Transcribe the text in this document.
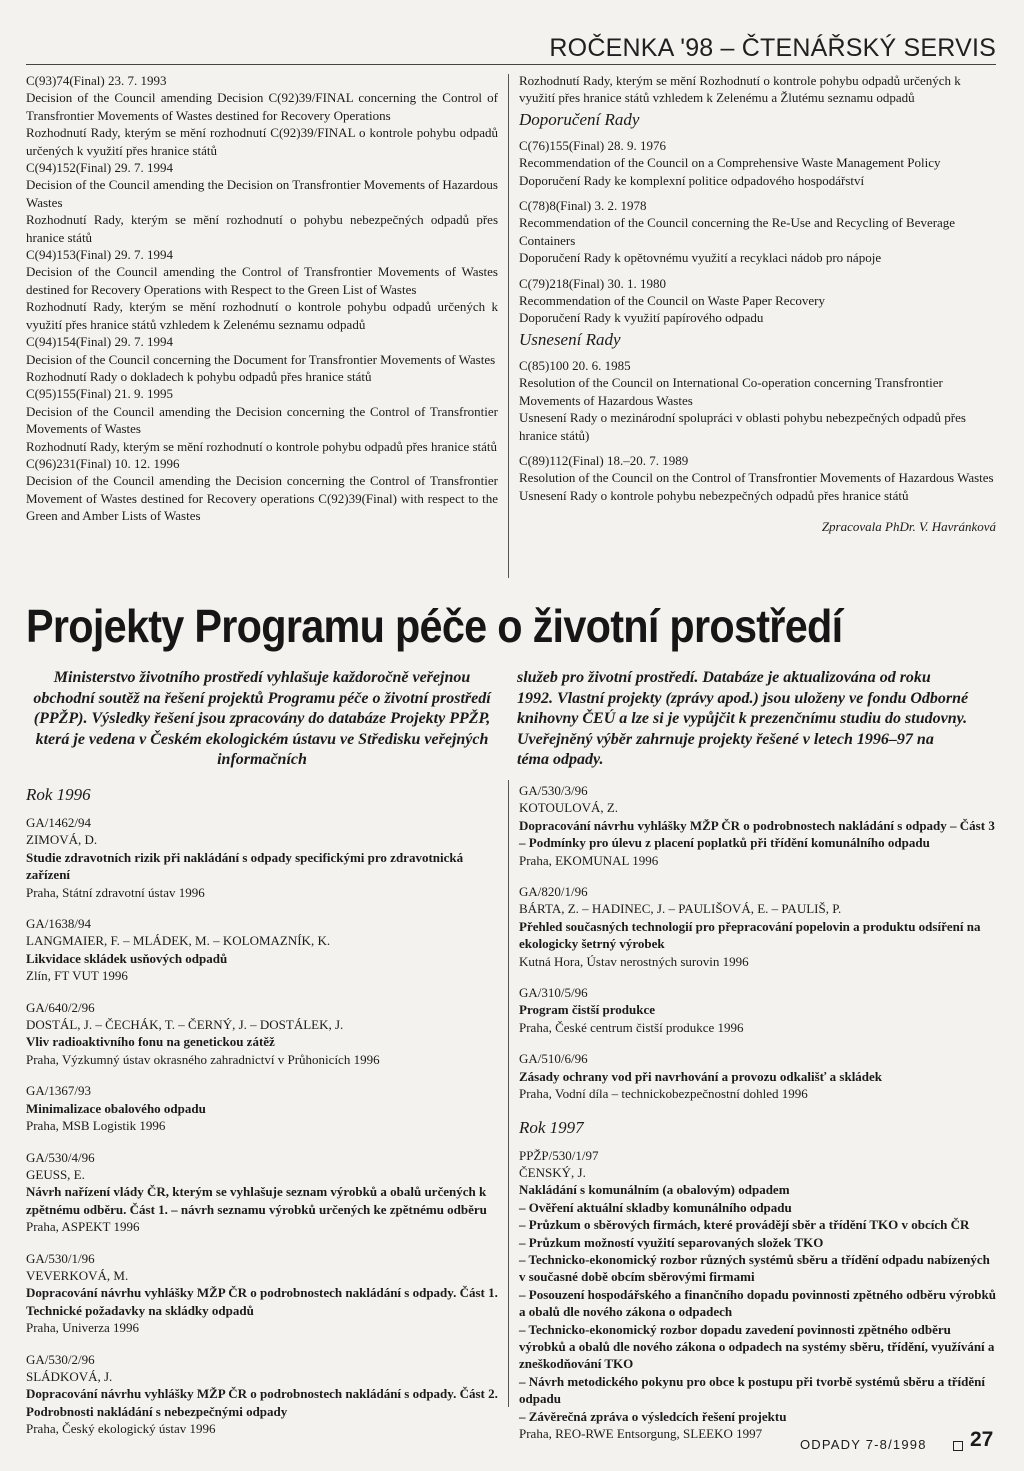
ROČENKA '98 – ČTENÁŘSKÝ SERVIS

C(93)74(Final) 23. 7. 1993

Decision of the Council amending Decision C(92)39/FINAL concerning the Control of Transfrontier Movements of Wastes destined for Recovery Operations

Rozhodnutí Rady, kterým se mění rozhodnutí C(92)39/FINAL o kontrole pohybu odpadů určených k využití přes hranice států

C(94)152(Final) 29. 7. 1994

Decision of the Council amending the Decision on Transfrontier Movements of Hazardous Wastes

Rozhodnutí Rady, kterým se mění rozhodnutí o pohybu nebezpečných odpadů přes hranice států

C(94)153(Final) 29. 7. 1994

Decision of the Council amending the Control of Transfrontier Movements of Wastes destined for Recovery Operations with Respect to the Green List of Wastes

Rozhodnutí Rady, kterým se mění rozhodnutí o kontrole pohybu odpadů určených k využití přes hranice států vzhledem k Zelenému seznamu odpadů

C(94)154(Final) 29. 7. 1994

Decision of the Council concerning the Document for Transfrontier Movements of Wastes

Rozhodnutí Rady o dokladech k pohybu odpadů přes hranice států

C(95)155(Final) 21. 9. 1995

Decision of the Council amending the Decision concerning the Control of Transfrontier Movements of Wastes

Rozhodnutí Rady, kterým se mění rozhodnutí o kontrole pohybu odpadů přes hranice států

C(96)231(Final) 10. 12. 1996

Decision of the Council amending the Decision concerning the Control of Transfrontier Movement of Wastes destined for Recovery operations C(92)39(Final) with respect to the Green and Amber Lists of Wastes

Rozhodnutí Rady, kterým se mění Rozhodnutí o kontrole pohybu odpadů určených k využití přes hranice států vzhledem k Zelenému a Žlutému seznamu odpadů

Doporučení Rady

C(76)155(Final) 28. 9. 1976

Recommendation of the Council on a Comprehensive Waste Management Policy

Doporučení Rady ke komplexní politice odpadového hospodářství

C(78)8(Final) 3. 2. 1978

Recommendation of the Council concerning the Re-Use and Recycling of Beverage Containers

Doporučení Rady k opětovnému využití a recyklaci nádob pro nápoje

C(79)218(Final) 30. 1. 1980

Recommendation of the Council on Waste Paper Recovery

Doporučení Rady k využití papírového odpadu

Usnesení Rady

C(85)100 20. 6. 1985

Resolution of the Council on International Co-operation concerning Transfrontier Movements of Hazardous Wastes

Usnesení Rady o mezinárodní spolupráci v oblasti pohybu nebezpečných odpadů přes hranice států)

C(89)112(Final) 18.–20. 7. 1989

Resolution of the Council on the Control of Transfrontier Movements of Hazardous Wastes

Usnesení Rady o kontrole pohybu nebezpečných odpadů přes hranice států

Zpracovala PhDr. V. Havránková

Projekty Programu péče o životní prostředí
Ministerstvo životního prostředí vyhlašuje každoročně veřejnou obchodní soutěž na řešení projektů Programu péče o životní prostředí (PPŽP). Výsledky řešení jsou zpracovány do databáze Projekty PPŽP, která je vedena v Českém ekologickém ústavu ve Středisku veřejných informačních
služeb pro životní prostředí. Databáze je aktualizována od roku 1992. Vlastní projekty (zprávy apod.) jsou uloženy ve fondu Odborné knihovny ČEÚ a lze si je vypůjčit k prezenčnímu studiu do studovny. Uveřejněný výběr zahrnuje projekty řešené v letech 1996–97 na téma odpady.

Rok 1996

GA/1462/94

ZIMOVÁ, D.

Studie zdravotních rizik při nakládání s odpady specifickými pro zdravotnická zařízení

Praha, Státní zdravotní ústav 1996

GA/1638/94

LANGMAIER, F. – MLÁDEK, M. – KOLOMAZNÍK, K.

Likvidace skládek usňových odpadů

Zlín, FT VUT 1996

GA/640/2/96

DOSTÁL, J. – ČECHÁK, T. – ČERNÝ, J. – DOSTÁLEK, J.

Vliv radioaktivního fonu na genetickou zátěž

Praha, Výzkumný ústav okrasného zahradnictví v Průhonicích 1996

GA/1367/93

Minimalizace obalového odpadu

Praha, MSB Logistik 1996

GA/530/4/96

GEUSS, E.

Návrh nařízení vlády ČR, kterým se vyhlašuje seznam výrobků a obalů určených k zpětnému odběru. Část 1. – návrh seznamu výrobků určených ke zpětnému odběru

Praha, ASPEKT 1996

GA/530/1/96

VEVERKOVÁ, M.

Dopracování návrhu vyhlášky MŽP ČR o podrobnostech nakládání s odpady. Část 1. Technické požadavky na skládky odpadů

Praha, Univerza 1996

GA/530/2/96

SLÁDKOVÁ, J.

Dopracování návrhu vyhlášky MŽP ČR o podrobnostech nakládání s odpady. Část 2. Podrobnosti nakládání s nebezpečnými odpady

Praha, Český ekologický ústav 1996

GA/530/3/96

KOTOULOVÁ, Z.

Dopracování návrhu vyhlášky MŽP ČR o podrobnostech nakládání s odpady – Část 3 – Podmínky pro úlevu z placení poplatků při třídění komunálního odpadu

Praha, EKOMUNAL 1996

GA/820/1/96

BÁRTA, Z. – HADINEC, J. – PAULIŠOVÁ, E. – PAULIŠ, P.

Přehled současných technologií pro přepracování popelovin a produktu odsíření na ekologicky šetrný výrobek

Kutná Hora, Ústav nerostných surovin 1996

GA/310/5/96

Program čistší produkce

Praha, České centrum čistší produkce 1996

GA/510/6/96

Zásady ochrany vod při navrhování a provozu odkališť a skládek

Praha, Vodní díla – technickobezpečnostní dohled 1996

Rok 1997

PPŽP/530/1/97

ČENSKÝ, J.

Nakládání s komunálním (a obalovým) odpadem

– Ověření aktuální skladby komunálního odpadu

– Průzkum o sběrových firmách, které provádějí sběr a třídění TKO v obcích ČR

– Průzkum možností využití separovaných složek TKO

– Technicko-ekonomický rozbor různých systémů sběru a třídění odpadu nabízených v současné době obcím sběrovými firmami

– Posouzení hospodářského a finančního dopadu povinnosti zpětného odběru výrobků a obalů dle nového zákona o odpadech

– Technicko-ekonomický rozbor dopadu zavedení povinnosti zpětného odběru výrobků a obalů dle nového zákona o odpadech na systémy sběru, třídění, využívání a zneškodňování TKO

– Návrh metodického pokynu pro obce k postupu při tvorbě systémů sběru a třídění odpadu

– Závěrečná zpráva o výsledcích řešení projektu

Praha, REO-RWE Entsorgung, SLEEKO 1997

ODPADY 7-8/1998 27
